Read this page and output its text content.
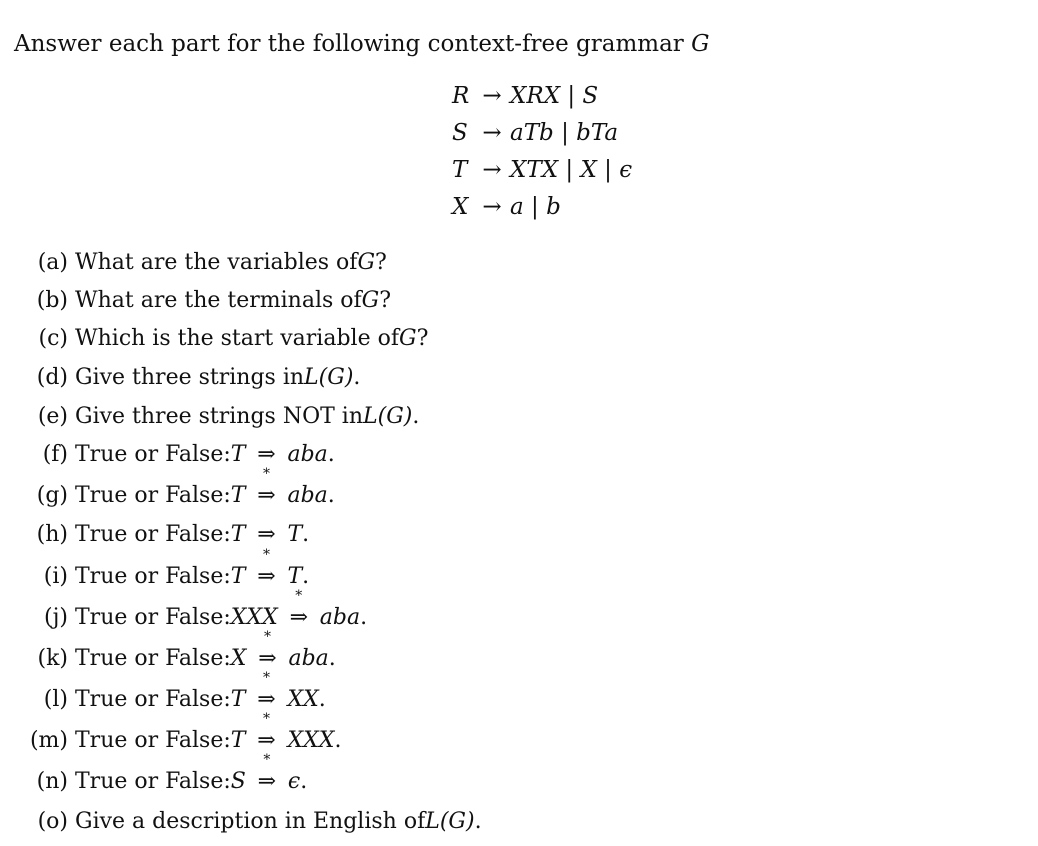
Answer each part for the following context-free grammar G
R → XRX | S
S → aTb | bTa
T → XTX | X | ϵ
X → a | b
(a)
What are the variables of G ?
(b)
What are the terminals of G ?
(c)
Which is the start variable of G ?
(d)
Give three strings in L(G) .
(e)
Give three strings NOT in L(G) .
(f)
True or False: T
⇒
aba .
(g)
True or False: T

*
⇒
aba .
(h)
True or False: T
⇒
T .
(i)
True or False: T

*
⇒
T .
(j)
True or False: XXX

*
⇒
aba .
(k)
True or False: X

*
⇒
aba .
(l)
True or False: T

*
⇒
XX .
(m)
True or False: T

*
⇒
XXX .
(n)
True or False: S

*
⇒
ϵ .
(o)
Give a description in English of L(G) .
